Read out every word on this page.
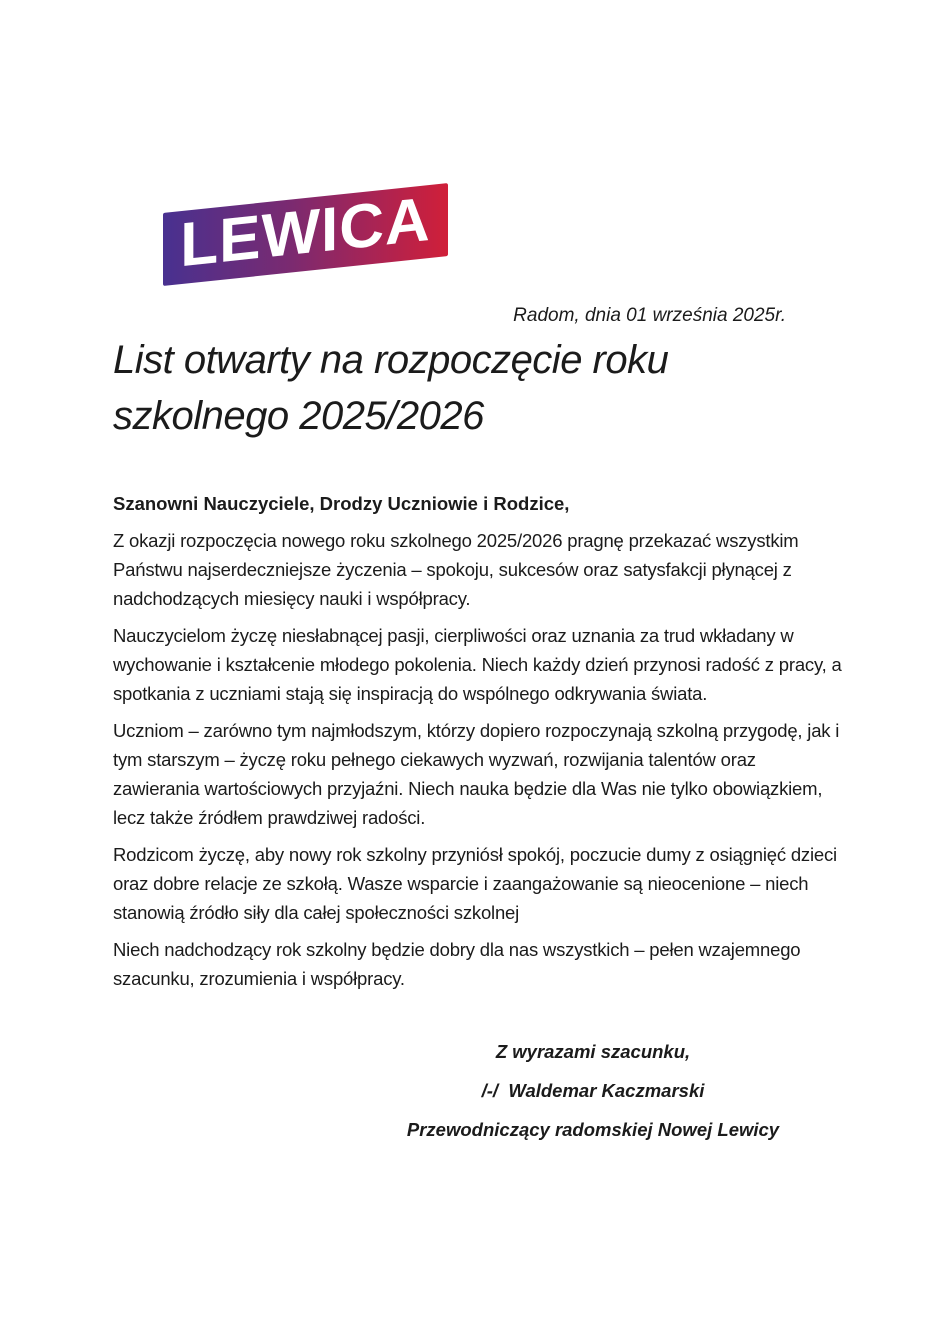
LEWICA

Radom, dnia 01 września 2025r.

List otwarty na rozpoczęcie roku szkolnego 2025/2026

Szanowni Nauczyciele, Drodzy Uczniowie i Rodzice,

Z okazji rozpoczęcia nowego roku szkolnego 2025/2026 pragnę przekazać wszystkim Państwu najserdeczniejsze życzenia – spokoju, sukcesów oraz satysfakcji płynącej z nadchodzących miesięcy nauki i współpracy.

Nauczycielom życzę niesłabnącej pasji, cierpliwości oraz uznania za trud wkładany w wychowanie i kształcenie młodego pokolenia. Niech każdy dzień przynosi radość z pracy, a spotkania z uczniami stają się inspiracją do wspólnego odkrywania świata.

Uczniom – zarówno tym najmłodszym, którzy dopiero rozpoczynają szkolną przygodę, jak i tym starszym – życzę roku pełnego ciekawych wyzwań, rozwijania talentów oraz zawierania wartościowych przyjaźni. Niech nauka będzie dla Was nie tylko obowiązkiem, lecz także źródłem prawdziwej radości.

Rodzicom życzę, aby nowy rok szkolny przyniósł spokój, poczucie dumy z osiągnięć dzieci oraz dobre relacje ze szkołą. Wasze wsparcie i zaangażowanie są nieocenione – niech stanowią źródło siły dla całej społeczności szkolnej

Niech nadchodzący rok szkolny będzie dobry dla nas wszystkich – pełen wzajemnego szacunku, zrozumienia i współpracy.

Z wyrazami szacunku,

/-/  Waldemar Kaczmarski

Przewodniczący radomskiej Nowej Lewicy
